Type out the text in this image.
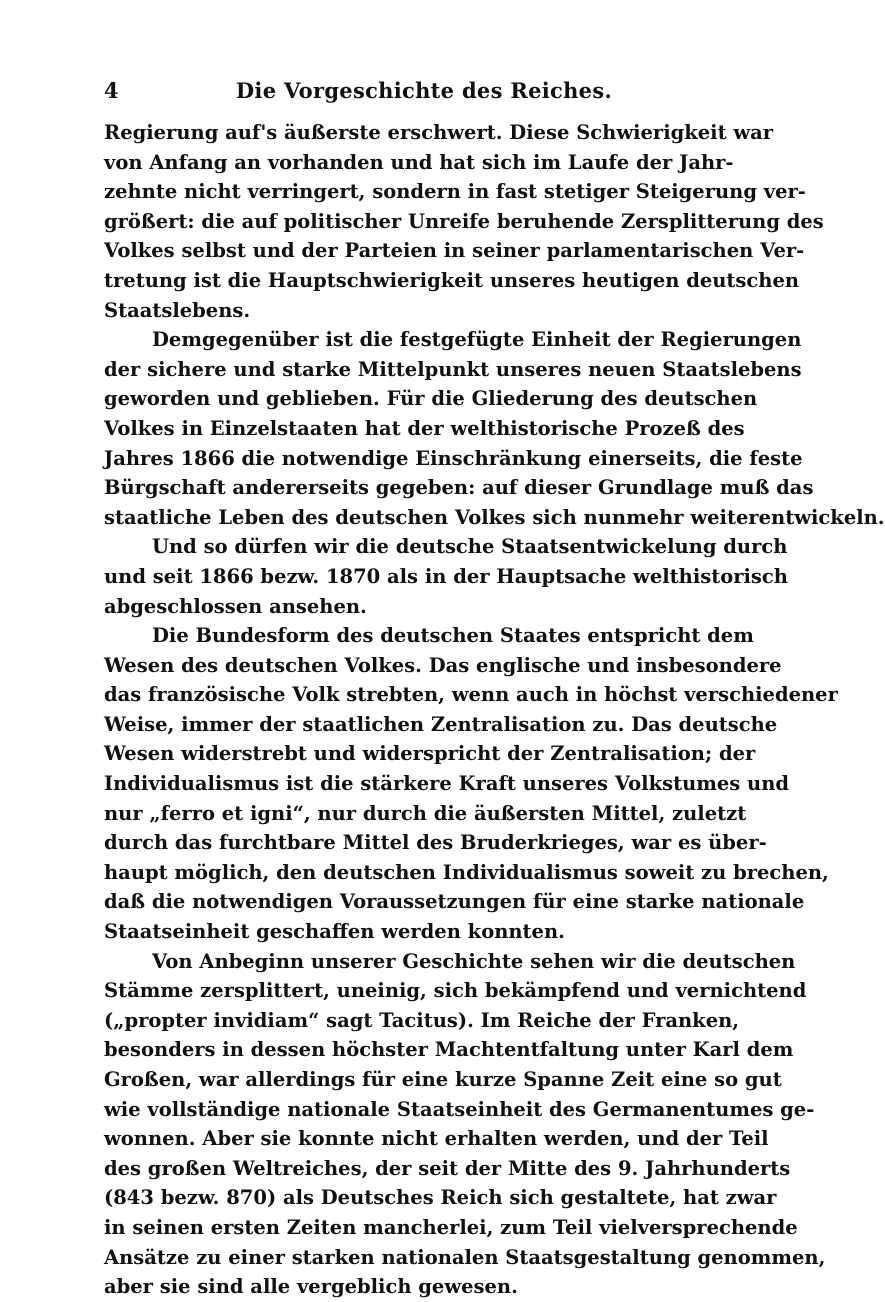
4	Die Vorgeschichte des Reiches.
Regierung auf's äußerste erschwert. Diese Schwierigkeit war
von Anfang an vorhanden und hat sich im Laufe der Jahr-
zehnte nicht verringert, sondern in fast stetiger Steigerung ver-
größert: die auf politischer Unreife beruhende Zersplitterung des
Volkes selbst und der Parteien in seiner parlamentarischen Ver-
tretung ist die Hauptschwierigkeit unseres heutigen deutschen
Staatslebens.
Demgegenüber ist die festgefügte Einheit der Regierungen
der sichere und starke Mittelpunkt unseres neuen Staatslebens
geworden und geblieben. Für die Gliederung des deutschen
Volkes in Einzelstaaten hat der welthistorische Prozeß des
Jahres 1866 die notwendige Einschränkung einerseits, die feste
Bürgschaft andererseits gegeben: auf dieser Grundlage muß das
staatliche Leben des deutschen Volkes sich nunmehr weiterentwickeln.
Und so dürfen wir die deutsche Staatsentwickelung durch
und seit 1866 bezw. 1870 als in der Hauptsache welthistorisch
abgeschlossen ansehen.
Die Bundesform des deutschen Staates entspricht dem
Wesen des deutschen Volkes. Das englische und insbesondere
das französische Volk strebten, wenn auch in höchst verschiedener
Weise, immer der staatlichen Zentralisation zu. Das deutsche
Wesen widerstrebt und widerspricht der Zentralisation; der
Individualismus ist die stärkere Kraft unseres Volkstumes und
nur „ferro et igni“, nur durch die äußersten Mittel, zuletzt
durch das furchtbare Mittel des Bruderkrieges, war es über-
haupt möglich, den deutschen Individualismus soweit zu brechen,
daß die notwendigen Voraussetzungen für eine starke nationale
Staatseinheit geschaffen werden konnten.
Von Anbeginn unserer Geschichte sehen wir die deutschen
Stämme zersplittert, uneinig, sich bekämpfend und vernichtend
(„propter invidiam“ sagt Tacitus). Im Reiche der Franken,
besonders in dessen höchster Machtentfaltung unter Karl dem
Großen, war allerdings für eine kurze Spanne Zeit eine so gut
wie vollständige nationale Staatseinheit des Germanentumes ge-
wonnen. Aber sie konnte nicht erhalten werden, und der Teil
des großen Weltreiches, der seit der Mitte des 9. Jahrhunderts
(843 bezw. 870) als Deutsches Reich sich gestaltete, hat zwar
in seinen ersten Zeiten mancherlei, zum Teil vielversprechende
Ansätze zu einer starken nationalen Staatsgestaltung genommen,
aber sie sind alle vergeblich gewesen.
